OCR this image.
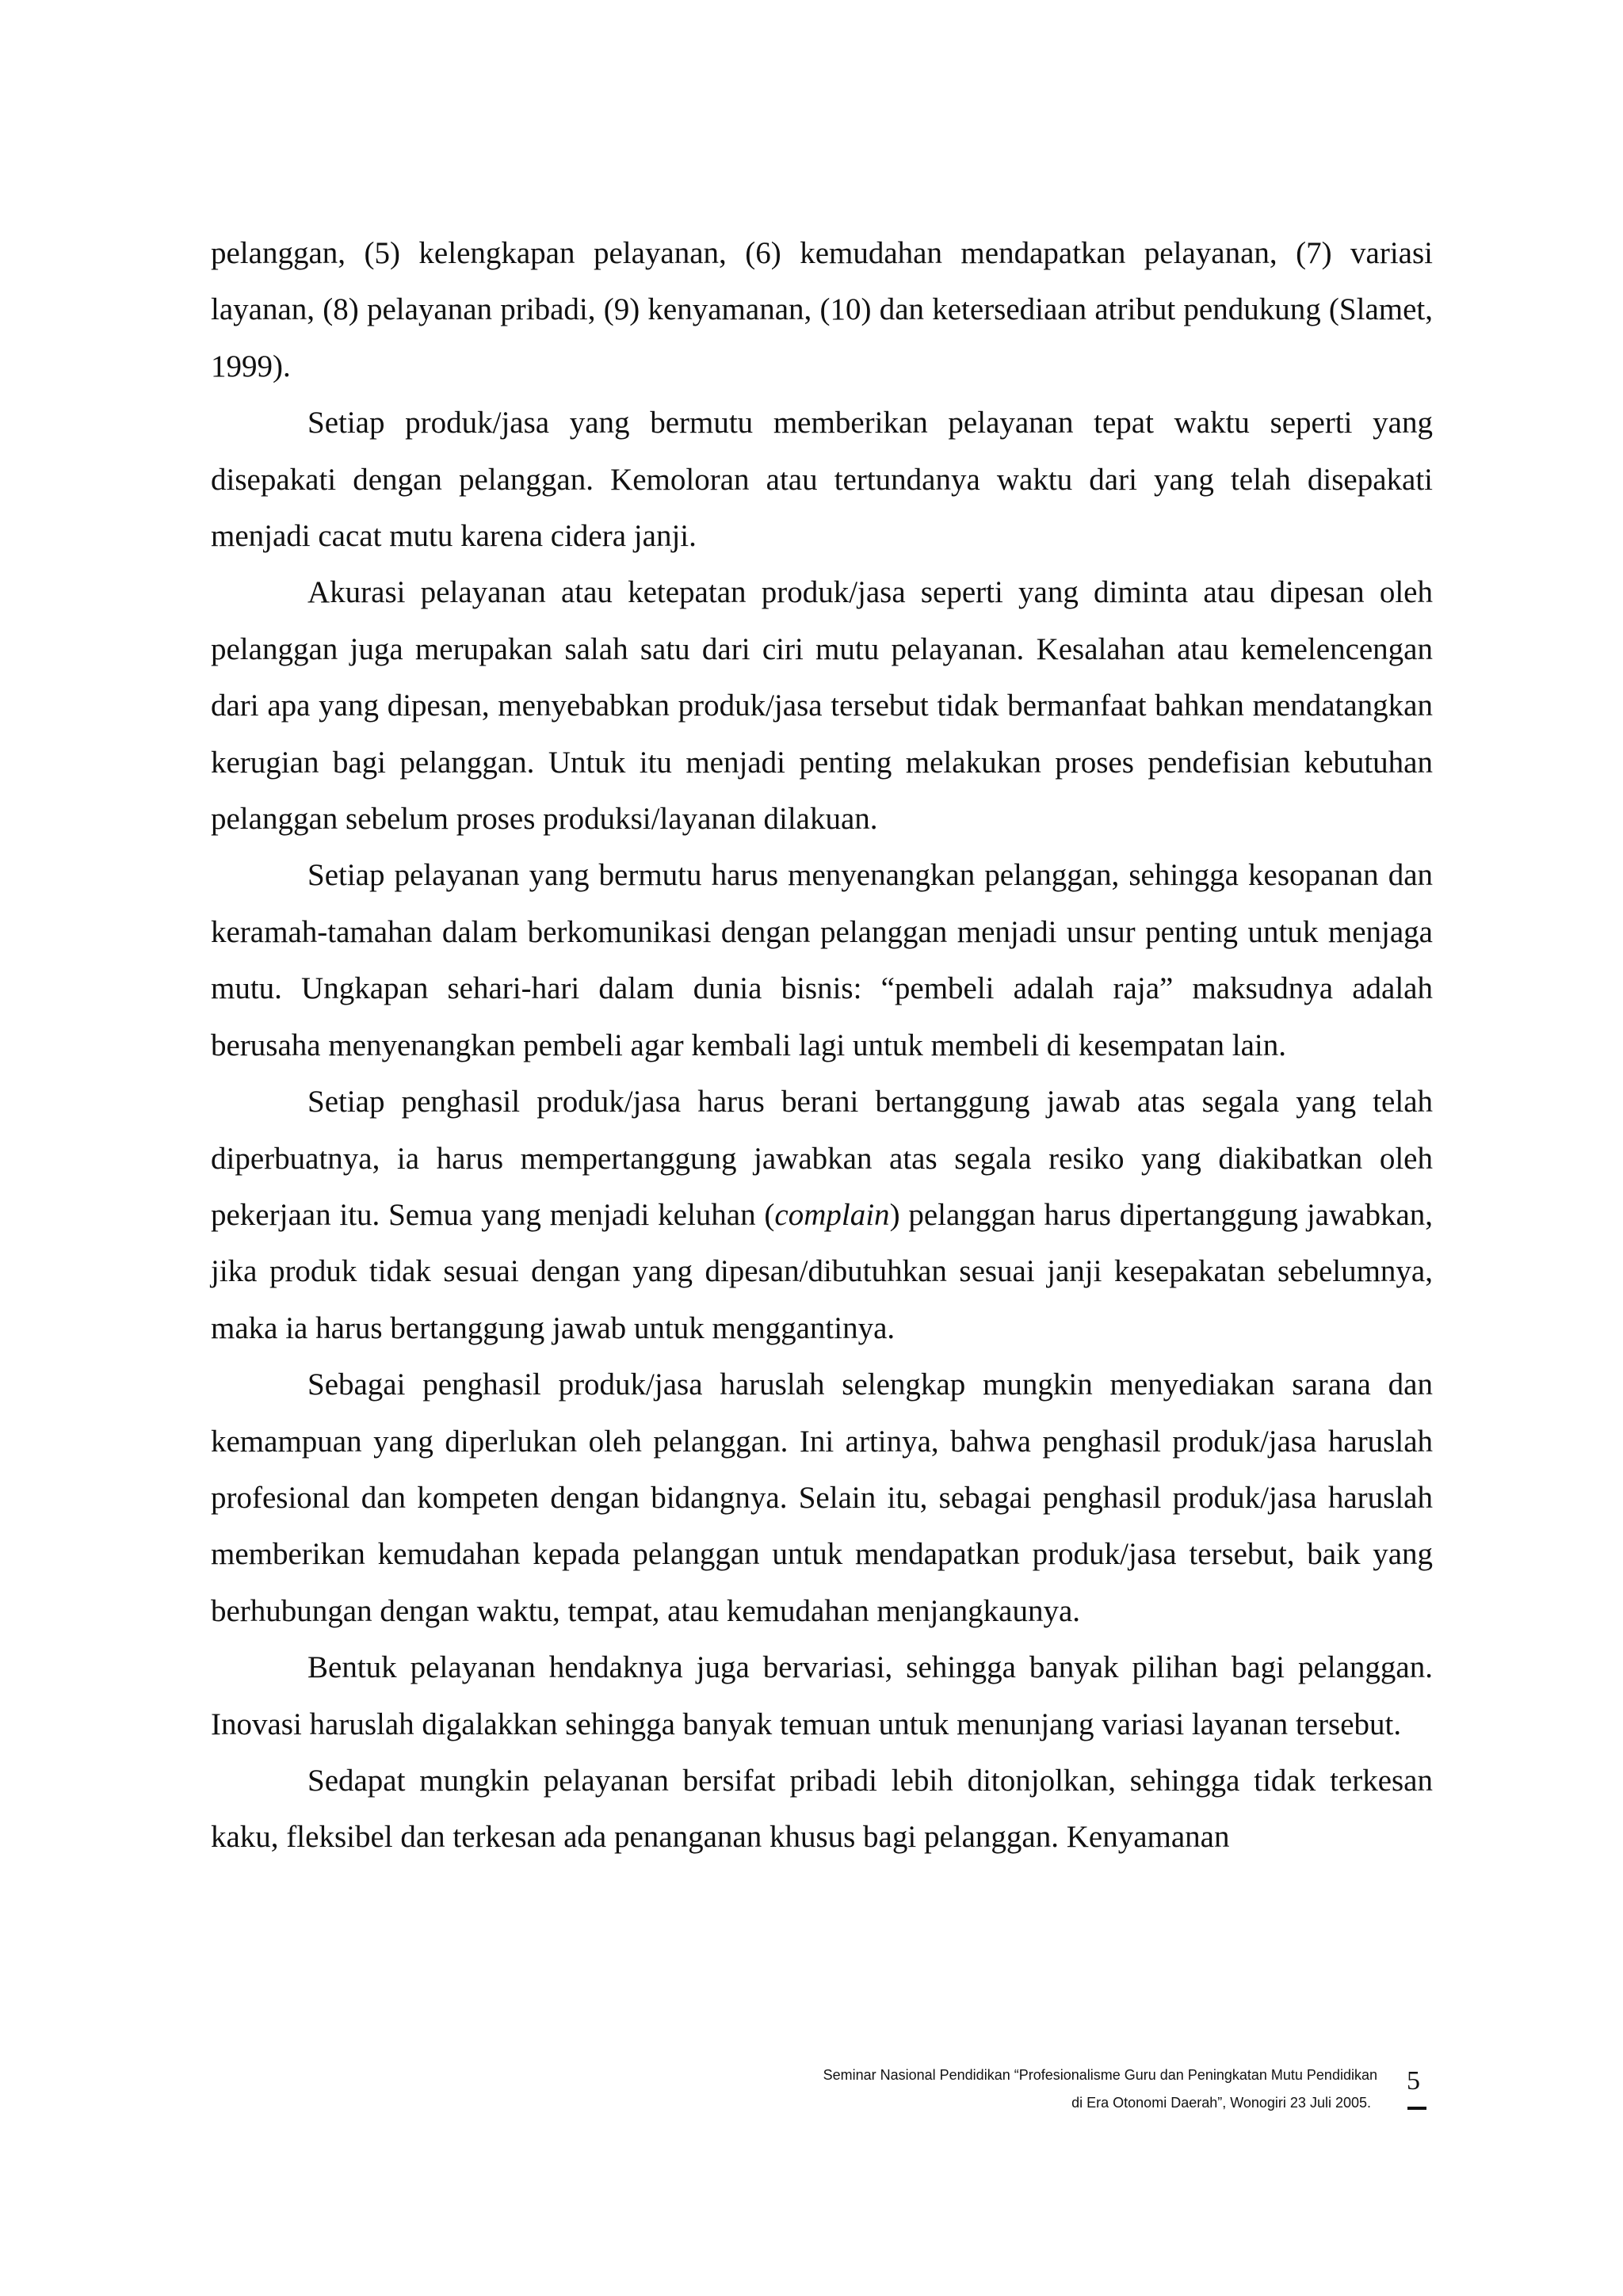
pelanggan, (5) kelengkapan pelayanan, (6) kemudahan mendapatkan pelayanan, (7) variasi layanan, (8) pelayanan pribadi, (9) kenyamanan, (10) dan ketersediaan atribut pendukung (Slamet, 1999).

Setiap produk/jasa yang bermutu memberikan pelayanan tepat waktu seperti yang disepakati dengan pelanggan. Kemoloran atau tertundanya waktu dari yang telah disepakati menjadi cacat mutu karena cidera janji.

Akurasi pelayanan atau ketepatan produk/jasa seperti yang diminta atau dipesan oleh pelanggan juga merupakan salah satu dari ciri mutu pelayanan. Kesalahan atau kemelencengan dari apa yang dipesan, menyebabkan produk/jasa tersebut tidak bermanfaat bahkan mendatangkan kerugian bagi pelanggan. Untuk itu menjadi penting melakukan proses pendefisian kebutuhan pelanggan sebelum proses produksi/layanan dilakuan.

Setiap pelayanan yang bermutu harus menyenangkan pelanggan, sehingga kesopanan dan keramah-tamahan dalam berkomunikasi dengan pelanggan menjadi unsur penting untuk menjaga mutu. Ungkapan sehari-hari dalam dunia bisnis: “pembeli adalah raja” maksudnya adalah berusaha menyenangkan pembeli agar kembali lagi untuk membeli di kesempatan lain.

Setiap penghasil produk/jasa harus berani bertanggung jawab atas segala yang telah diperbuatnya, ia harus mempertanggung jawabkan atas segala resiko yang diakibatkan oleh pekerjaan itu. Semua yang menjadi keluhan (complain) pelanggan harus dipertanggung jawabkan, jika produk tidak sesuai dengan yang dipesan/dibutuhkan sesuai janji kesepakatan sebelumnya, maka ia harus bertanggung jawab untuk menggantinya.

Sebagai penghasil produk/jasa haruslah selengkap mungkin menyediakan sarana dan kemampuan yang diperlukan oleh pelanggan. Ini artinya, bahwa penghasil produk/jasa haruslah profesional dan kompeten dengan bidangnya. Selain itu, sebagai penghasil produk/jasa haruslah memberikan kemudahan kepada pelanggan untuk mendapatkan produk/jasa tersebut, baik yang berhubungan dengan waktu, tempat, atau kemudahan menjangkaunya.

Bentuk pelayanan hendaknya juga bervariasi, sehingga banyak pilihan bagi pelanggan. Inovasi haruslah digalakkan sehingga banyak temuan untuk menunjang variasi layanan tersebut.

Sedapat mungkin pelayanan bersifat pribadi lebih ditonjolkan, sehingga tidak terkesan kaku, fleksibel dan terkesan ada penanganan khusus bagi pelanggan. Kenyamanan

Seminar Nasional Pendidikan “Profesionalisme Guru dan Peningkatan Mutu Pendidikan
di Era Otonomi Daerah”, Wonogiri 23 Juli 2005.
5
